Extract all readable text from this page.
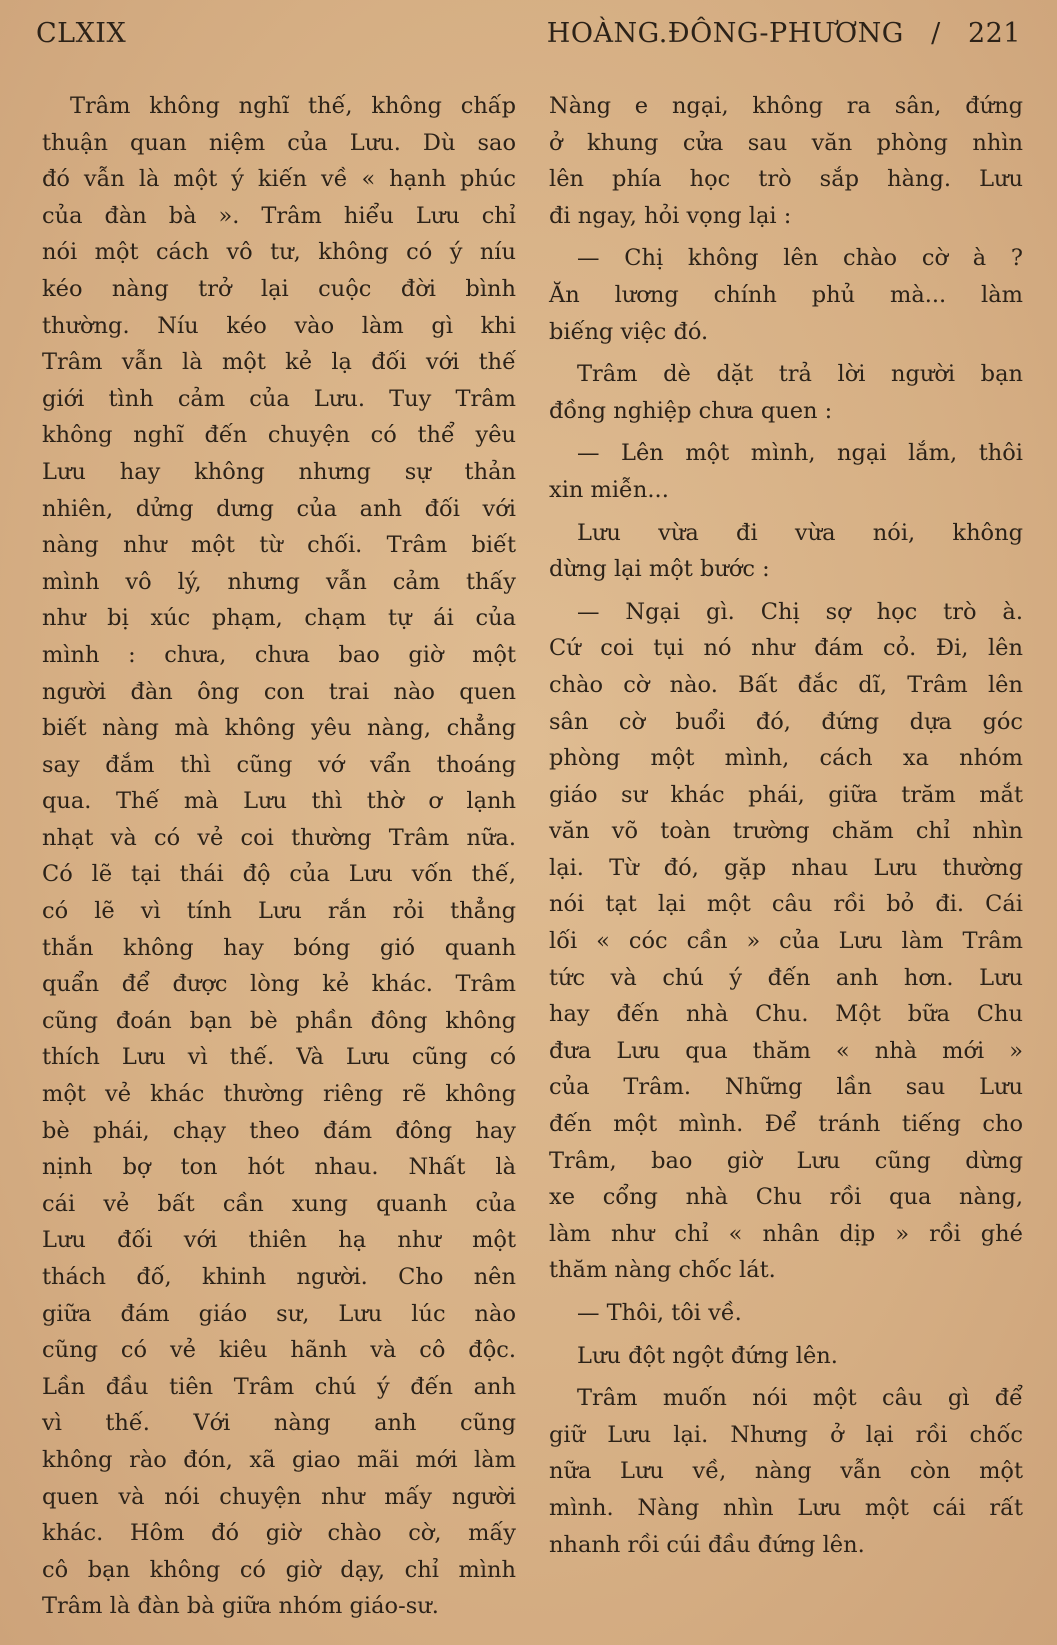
CLXIX	HOÀNG.ĐÔNG-PHƯƠNG / 221
Trâm không nghĩ thế, không chấp
thuận quan niệm của Lưu. Dù sao
đó vẫn là một ý kiến về « hạnh phúc
của đàn bà ». Trâm hiểu Lưu chỉ
nói một cách vô tư, không có ý níu
kéo nàng trở lại cuộc đời bình
thường. Níu kéo vào làm gì khi
Trâm vẫn là một kẻ lạ đối với thế
giới tình cảm của Lưu. Tuy Trâm
không nghĩ đến chuyện có thể yêu
Lưu hay không nhưng sự thản
nhiên, dửng dưng của anh đối với
nàng như một từ chối. Trâm biết
mình vô lý, nhưng vẫn cảm thấy
như bị xúc phạm, chạm tự ái của
mình : chưa, chưa bao giờ một
người đàn ông con trai nào quen
biết nàng mà không yêu nàng, chẳng
say đắm thì cũng vớ vẩn thoáng
qua. Thế mà Lưu thì thờ ơ lạnh
nhạt và có vẻ coi thường Trâm nữa.
Có lẽ tại thái độ của Lưu vốn thế,
có lẽ vì tính Lưu rắn rỏi thẳng
thắn không hay bóng gió quanh
quẩn để được lòng kẻ khác. Trâm
cũng đoán bạn bè phần đông không
thích Lưu vì thế. Và Lưu cũng có
một vẻ khác thường riêng rẽ không
bè phái, chạy theo đám đông hay
nịnh bợ ton hót nhau. Nhất là
cái vẻ bất cần xung quanh của
Lưu đối với thiên hạ như một
thách đố, khinh người. Cho nên
giữa đám giáo sư, Lưu lúc nào
cũng có vẻ kiêu hãnh và cô độc.
Lần đầu tiên Trâm chú ý đến anh
vì thế. Với nàng anh cũng
không rào đón, xã giao mãi mới làm
quen và nói chuyện như mấy người
khác. Hôm đó giờ chào cờ, mấy
cô bạn không có giờ dạy, chỉ mình
Trâm là đàn bà giữa nhóm giáo-sư.
Nàng e ngại, không ra sân, đứng
ở khung cửa sau văn phòng nhìn
lên phía học trò sắp hàng. Lưu
đi ngay, hỏi vọng lại :
— Chị không lên chào cờ à ?
Ăn lương chính phủ mà... làm
biếng việc đó.
Trâm dè dặt trả lời người bạn
đồng nghiệp chưa quen :
— Lên một mình, ngại lắm, thôi
xin miễn...
Lưu vừa đi vừa nói, không
dừng lại một bước :
— Ngại gì. Chị sợ học trò à.
Cứ coi tụi nó như đám cỏ. Đi, lên
chào cờ nào. Bất đắc dĩ, Trâm lên
sân cờ buổi đó, đứng dựa góc
phòng một mình, cách xa nhóm
giáo sư khác phái, giữa trăm mắt
văn võ toàn trường chăm chỉ nhìn
lại. Từ đó, gặp nhau Lưu thường
nói tạt lại một câu rồi bỏ đi. Cái
lối « cóc cần » của Lưu làm Trâm
tức và chú ý đến anh hơn. Lưu
hay đến nhà Chu. Một bữa Chu
đưa Lưu qua thăm « nhà mới »
của Trâm. Những lần sau Lưu
đến một mình. Để tránh tiếng cho
Trâm, bao giờ Lưu cũng dừng
xe cổng nhà Chu rồi qua nàng,
làm như chỉ « nhân dịp » rồi ghé
thăm nàng chốc lát.
— Thôi, tôi về.
Lưu đột ngột đứng lên.
Trâm muốn nói một câu gì để
giữ Lưu lại. Nhưng ở lại rồi chốc
nữa Lưu về, nàng vẫn còn một
mình. Nàng nhìn Lưu một cái rất
nhanh rồi cúi đầu đứng lên.
